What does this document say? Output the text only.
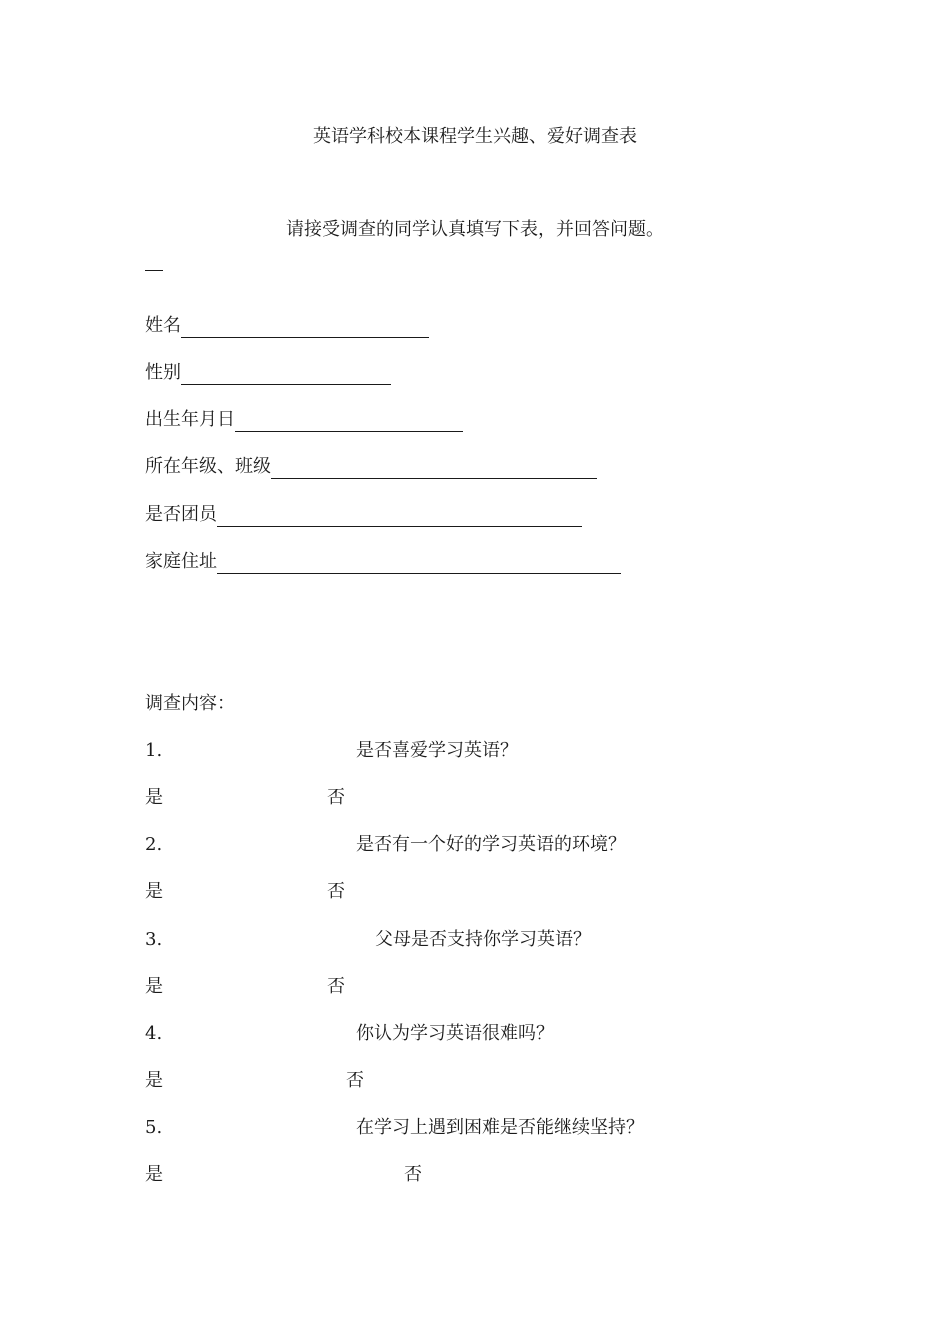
英语学科校本课程学生兴趣、爱好调查表
请接受调查的同学认真填写下表，并回答问题。
姓名
性别
出生年月日
所在年级、班级
是否团员
家庭住址
调查内容：
1.	是否喜爱学习英语？
是	否
2.	是否有一个好的学习英语的环境？
是	否
3.	父母是否支持你学习英语？
是	否
4.	你认为学习英语很难吗？
是	否
5.	在学习上遇到困难是否能继续坚持？
是	否
